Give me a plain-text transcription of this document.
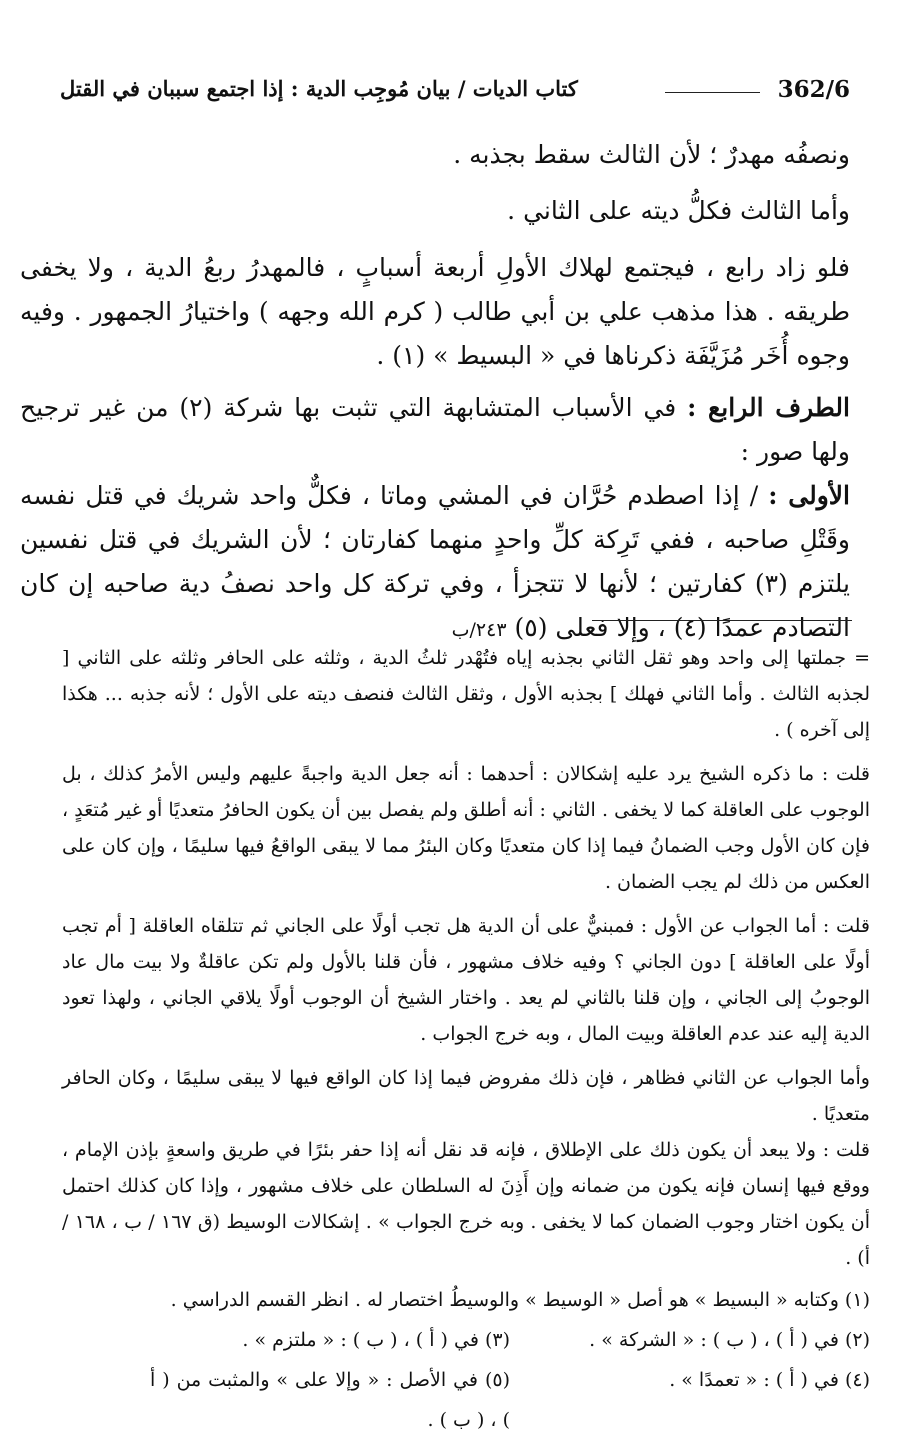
362/6
كتاب الديات / بيان مُوجِب الدية : إذا اجتمع سببان في القتل

ونصفُه مهدرٌ ؛ لأن الثالث سقط بجذبه .

وأما الثالث فكلُّ ديته على الثاني .

فلو زاد رابع ، فيجتمع لهلاك الأولِ أربعة أسبابٍ ، فالمهدرُ ربعُ الدية ، ولا يخفى طريقه . هذا مذهب علي بن أبي طالب ( كرم الله وجهه ) واختيارُ الجمهور . وفيه وجوه أُخَر مُزَيَّفَة ذكرناها في « البسيط » (١) .

الطرف الرابع : في الأسباب المتشابهة التي تثبت بها شركة (٢) من غير ترجيح ولها صور :

الأولى : / إذا اصطدم حُرَّان في المشي وماتا ، فكلٌّ واحد شريك في قتل نفسه وقَتْلِ صاحبه ، ففي تَرِكة كلِّ واحدٍ منهما كفارتان ؛ لأن الشريك في قتل نفسين يلتزم (٣) كفارتين ؛ لأنها لا تتجزأ ، وفي تركة كل واحد نصفُ دية صاحبه إن كان التصادم عمدًا (٤) ، وإلا فعلى (٥) ٢٤٣/ب

= جملتها إلى واحد وهو ثقل الثاني بجذبه إياه فتُهْدر ثلثُ الدية ، وثلثه على الحافر وثلثه على الثاني [ لجذبه الثالث . وأما الثاني فهلك ] بجذبه الأول ، وثقل الثالث فنصف ديته على الأول ؛ لأنه جذبه ... هكذا إلى آخره ) .

قلت : ما ذكره الشيخ يرد عليه إشكالان : أحدهما : أنه جعل الدية واجبةً عليهم وليس الأمرُ كذلك ، بل الوجوب على العاقلة كما لا يخفى . الثاني : أنه أطلق ولم يفصل بين أن يكون الحافرُ متعديًا أو غير مُتعَدٍ ، فإن كان الأول وجب الضمانُ فيما إذا كان متعديًا وكان البئرُ مما لا يبقى الواقعُ فيها سليمًا ، وإن كان على العكس من ذلك لم يجب الضمان .

قلت : أما الجواب عن الأول : فمبنيٌّ على أن الدية هل تجب أولًا على الجاني ثم تتلقاه العاقلة [ أم تجب أولًا على العاقلة ] دون الجاني ؟ وفيه خلاف مشهور ، فأن قلنا بالأول ولم تكن عاقلةٌ ولا بيت مال عاد الوجوبُ إلى الجاني ، وإن قلنا بالثاني لم يعد . واختار الشيخ أن الوجوب أولًا يلاقي الجاني ، ولهذا تعود الدية إليه عند عدم العاقلة وبيت المال ، وبه خرج الجواب .

وأما الجواب عن الثاني فظاهر ، فإن ذلك مفروض فيما إذا كان الواقع فيها لا يبقى سليمًا ، وكان الحافر متعديًا .

قلت : ولا يبعد أن يكون ذلك على الإطلاق ، فإنه قد نقل أنه إذا حفر بئرًا في طريق واسعةٍ بإذن الإمام ، ووقع فيها إنسان فإنه يكون من ضمانه وإن أَذِنَ له السلطان على خلاف مشهور ، وإذا كان كذلك احتمل أن يكون اختار وجوب الضمان كما لا يخفى . وبه خرج الجواب » . إشكالات الوسيط (ق ١٦٧ / ب ، ١٦٨ / أ) .

(١) وكتابه « البسيط » هو أصل « الوسيط » والوسيطُ اختصار له . انظر القسم الدراسي .
(٢) في ( أ ) ، ( ب ) : « الشركة » .
(٣) في ( أ ) ، ( ب ) : « ملتزم » .
(٤) في ( أ ) : « تعمدًا » .
(٥) في الأصل : « وإلا على » والمثبت من ( أ ) ، ( ب ) .
